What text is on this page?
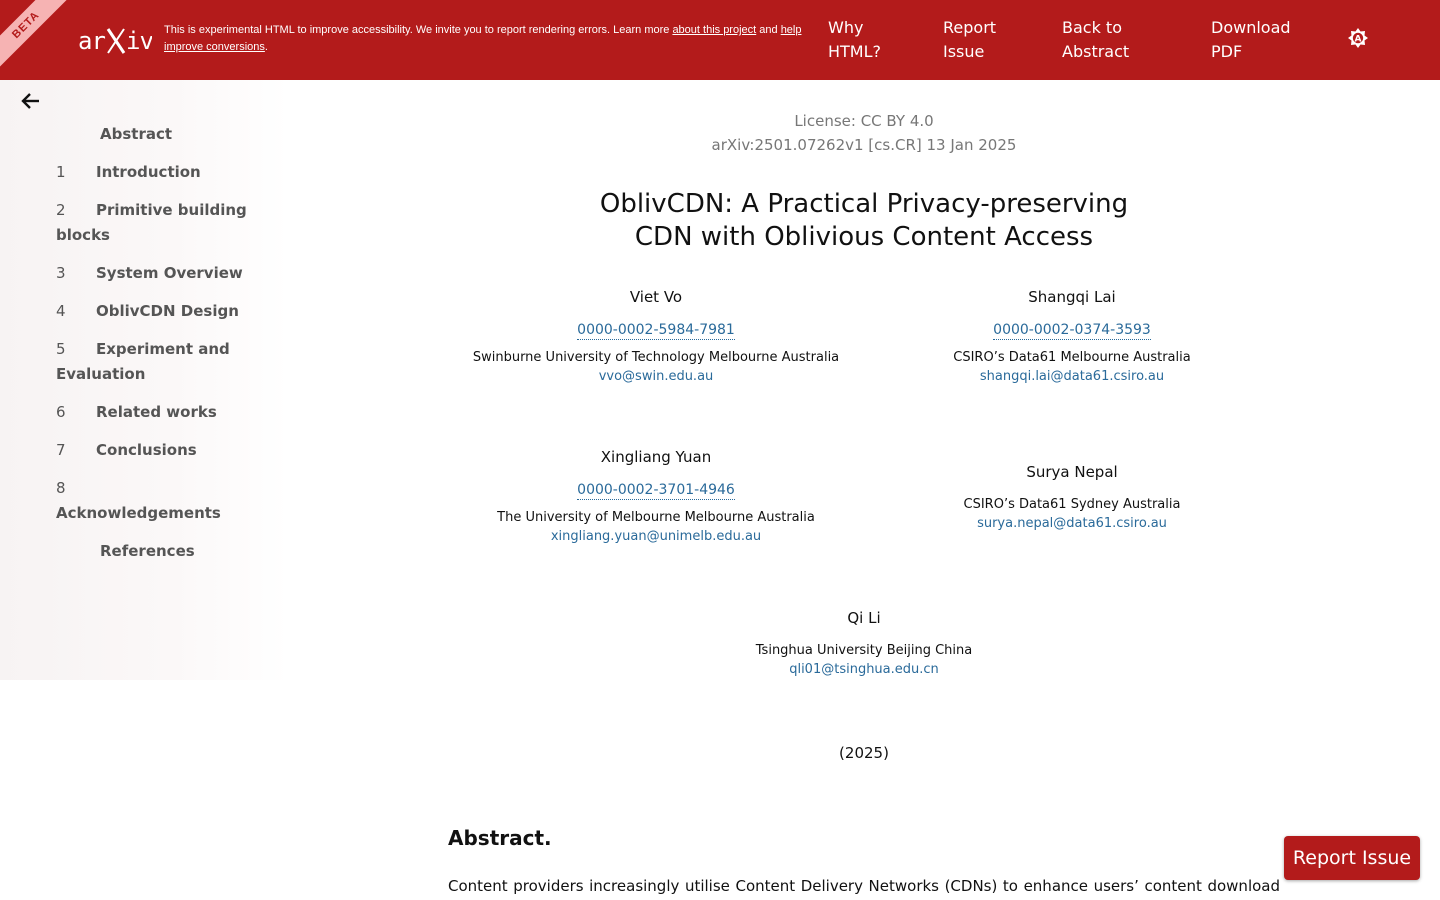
BETA
ar iv This is experimental HTML to improve accessibility. We invite you to report rendering errors. Learn more about this project and help improve conversions.
Why HTML?
Report Issue
Back to Abstract
Download PDF
A
Abstract
1 Introduction
2 Primitive building blocks
3 System Overview
4 OblivCDN Design
5 Experiment and Evaluation
6 Related works
7 Conclusions
8Acknowledgements
References
License: CC BY 4.0
arXiv:2501.07262v1 [cs.CR] 13 Jan 2025
OblivCDN: A Practical Privacy-preserving
CDN with Oblivious Content Access
Viet Vo
0000-0002-5984-7981
Swinburne University of Technology Melbourne Australia
vvo@swin.edu.au
Shangqi Lai
0000-0002-0374-3593
CSIRO’s Data61 Melbourne Australia
shangqi.lai@data61.csiro.au
Xingliang Yuan
0000-0002-3701-4946
The University of Melbourne Melbourne Australia
xingliang.yuan@unimelb.edu.au
Surya Nepal
CSIRO’s Data61 Sydney Australia
surya.nepal@data61.csiro.au
Qi Li
Tsinghua University Beijing China
qli01@tsinghua.edu.cn
(2025)
Abstract.
Content providers increasingly utilise Content Delivery Networks (CDNs) to enhance users’ content download
Report Issue
